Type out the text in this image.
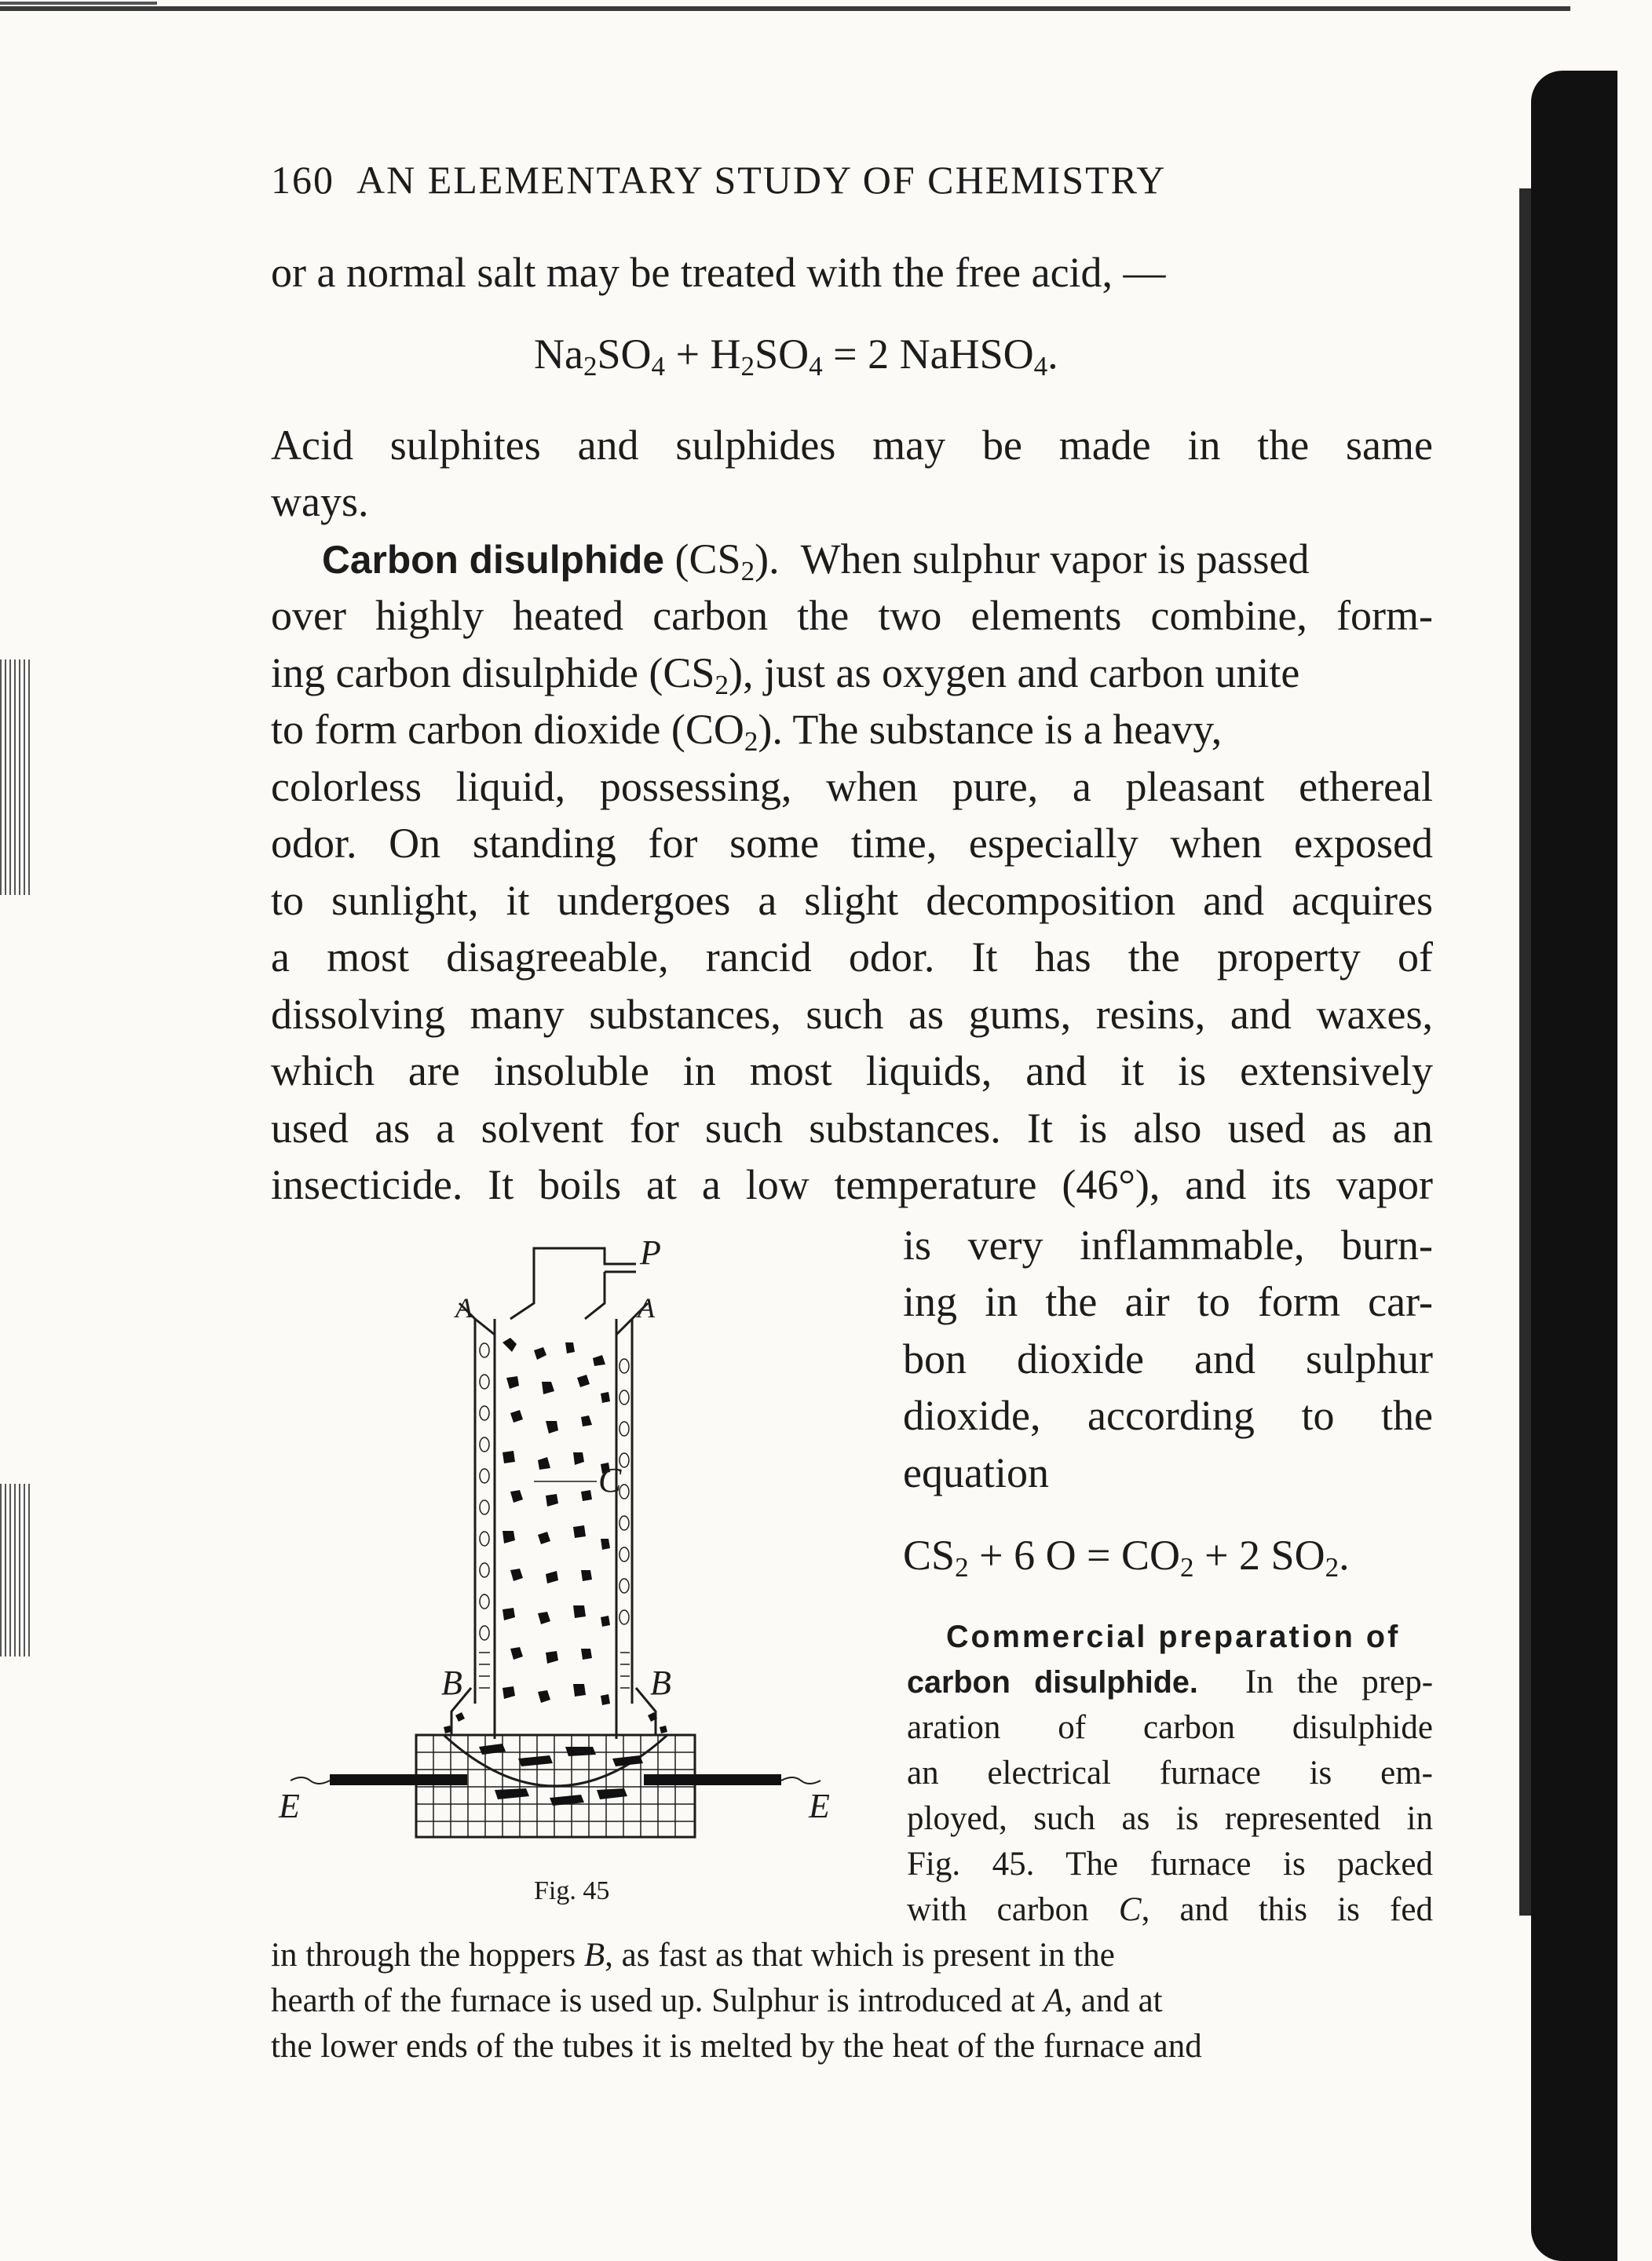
160 AN ELEMENTARY STUDY OF CHEMISTRY
or a normal salt may be treated with the free acid, —
$Na_2SO_4 + H_2SO_4 = 2$ NaHSO$_4$.
Acid sulphites and sulphides may be made in the same
ways.
Carbon disulphide $(CS_2)$. When sulphur vapor is passed
over highly heated carbon the two elements combine, form-
ing carbon disulphide $(CS_2)$, just as oxygen and carbon unite
to form carbon dioxide $(CO_2)$. The substance is a heavy,
colorless liquid, possessing, when pure, a pleasant ethereal
odor. On standing for some time, especially when exposed
to sunlight, it undergoes a slight decomposition and acquires
a most disagreeable, rancid odor. It has the property of
dissolving many substances, such as gums, resins, and waxes,
which are insoluble in most liquids, and it is extensively
used as a solvent for such substances. It is also used as an
insecticide. It boils at a low temperature (46°), and its vapor
is very inflammable, burn-
ing in the air to form car-
bon dioxide and sulphur
dioxide, according to the
equation
$CS_2 + 6$ $O = CO_2 + 2$ $SO_2$.
Commercial preparation of
carbon disulphide. In the prep-
aration of carbon disulphide
an electrical furnace is em-
ployed, such as is represented in
Fig. 45. The furnace is packed
with carbon C, and this is fed
in through the hoppers B, as fast as that which is present in the
hearth of the furnace is used up. Sulphur is introduced at A, and at
the lower ends of the tubes it is melted by the heat of the furnace and
P
A	A
C
B	B
E	E
Fig. 45
